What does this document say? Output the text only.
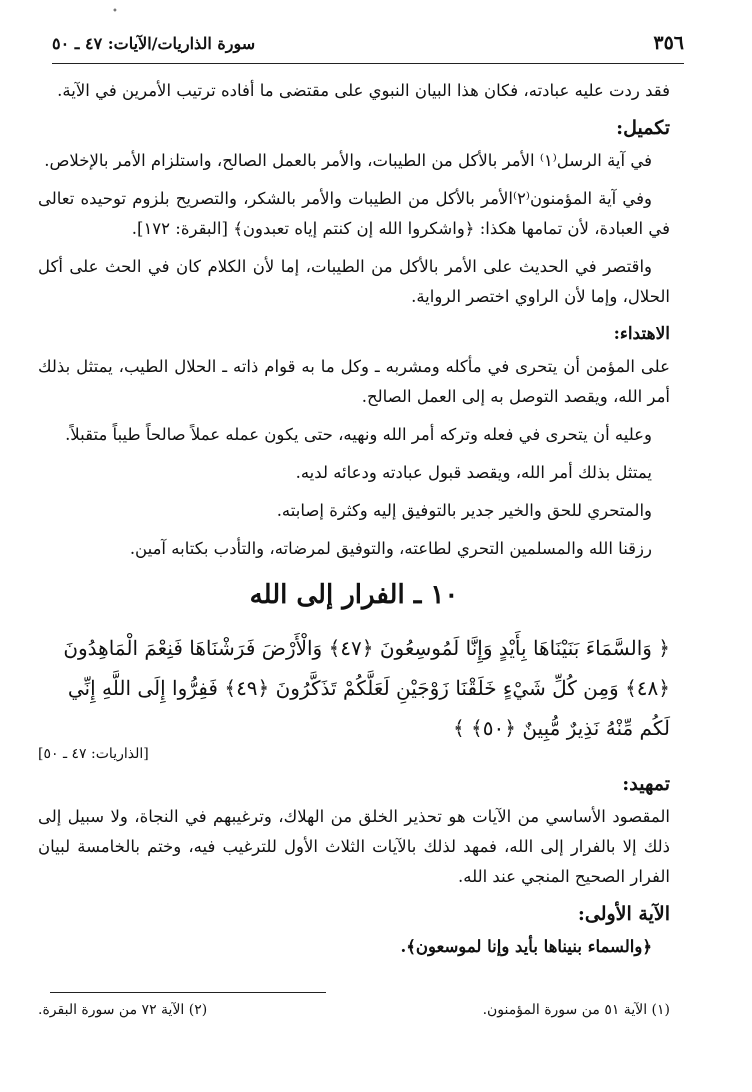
٣٥٦
سورة الذاريات/الآيات: ٤٧ ـ ٥٠

فقد ردت عليه عبادته، فكان هذا البيان النبوي على مقتضى ما أفاده ترتيب الأمرين في الآية.

تكميل:

في آية الرسل⁽١⁾ الأمر بالأكل من الطيبات، والأمر بالعمل الصالح، واستلزام الأمر بالإخلاص.

وفي آية المؤمنون⁽٢⁾الأمر بالأكل من الطيبات والأمر بالشكر، والتصريح بلزوم توحيده تعالى في العبادة، لأن تمامها هكذا: ﴿واشكروا الله إن كنتم إياه تعبدون﴾ [البقرة: ١٧٢].

واقتصر في الحديث على الأمر بالأكل من الطيبات، إما لأن الكلام كان في الحث على أكل الحلال، وإما لأن الراوي اختصر الرواية.

الاهتداء:

على المؤمن أن يتحرى في مأكله ومشربه ـ وكل ما به قوام ذاته ـ الحلال الطيب، يمتثل بذلك أمر الله، ويقصد التوصل به إلى العمل الصالح.

وعليه أن يتحرى في فعله وتركه أمر الله ونهيه، حتى يكون عمله عملاً صالحاً طيباً متقبلاً.

يمتثل بذلك أمر الله، ويقصد قبول عبادته ودعائه لديه.

والمتحري للحق والخير جدير بالتوفيق إليه وكثرة إصابته.

رزقنا الله والمسلمين التحري لطاعته، والتوفيق لمرضاته، والتأدب بكتابه آمين.

١٠ ـ الفرار إلى الله

﴿ وَالسَّمَاءَ بَنَيْنَاهَا بِأَيْدٍ وَإِنَّا لَمُوسِعُونَ ﴿٤٧﴾ وَالْأَرْضَ فَرَشْنَاهَا فَنِعْمَ الْمَاهِدُونَ ﴿٤٨﴾ وَمِن كُلِّ شَيْءٍ خَلَقْنَا زَوْجَيْنِ لَعَلَّكُمْ تَذَكَّرُونَ ﴿٤٩﴾ فَفِرُّوا إِلَى اللَّهِ إِنِّي لَكُم مِّنْهُ نَذِيرٌ مُّبِينٌ ﴿٥٠﴾ ﴾

[الذاريات: ٤٧ ـ ٥٠]
تمهيد:

المقصود الأساسي من الآيات هو تحذير الخلق من الهلاك، وترغيبهم في النجاة، ولا سبيل إلى ذلك إلا بالفرار إلى الله، فمهد لذلك بالآيات الثلاث الأول للترغيب فيه، وختم بالخامسة لبيان الفرار الصحيح المنجي عند الله.

الآية الأولى:

﴿والسماء بنيناها بأيد وإنا لموسعون﴾.

(١) الآية ٥١ من سورة المؤمنون.
(٢) الآية ٧٢ من سورة البقرة.
•
